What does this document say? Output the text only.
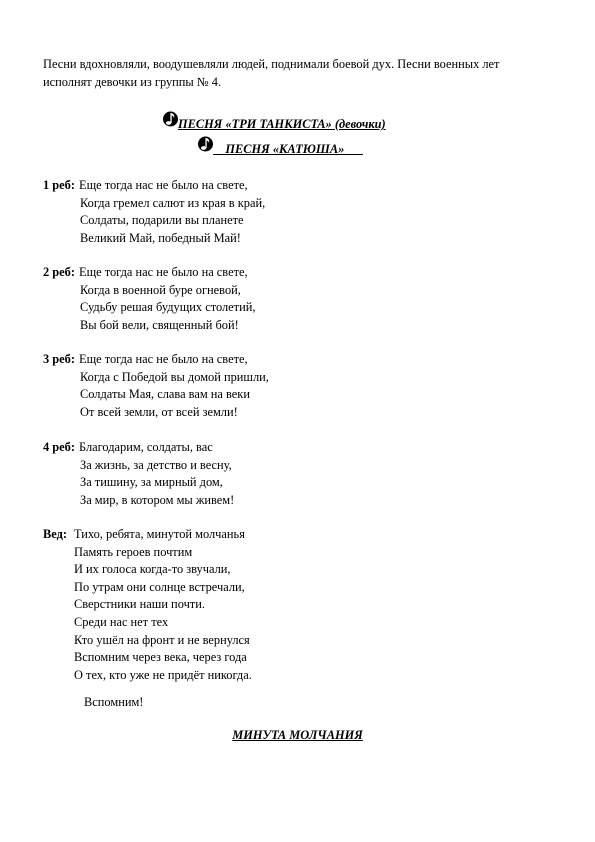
Песни вдохновляли, воодушевляли людей, поднимали боевой дух. Песни военных лет
исполнят девочки из группы № 4.
ПЕСНЯ «ТРИ ТАНКИСТА» (девочки)
ПЕСНЯ «КАТЮША»
1 реб: Еще тогда нас не было на свете,
Когда гремел салют из края в край,
Солдаты, подарили вы планете
Великий Май, победный Май!
2 реб: Еще тогда нас не было на свете,
Когда в военной буре огневой,
Судьбу решая будущих столетий,
Вы бой вели, священный бой!
3 реб: Еще тогда нас не было на свете,
Когда с Победой вы домой пришли,
Солдаты Мая, слава вам на веки
От всей земли, от всей земли!
4 реб: Благодарим, солдаты, вас
За жизнь, за детство и весну,
За тишину, за мирный дом,
За мир, в котором мы живем!
Вед: Тихо, ребята, минутой молчанья
Память героев почтим
И их голоса когда-то звучали,
По утрам они солнце встречали,
Сверстники наши почти.
Среди нас нет тех
Кто ушёл на фронт и не вернулся
Вспомним через века, через года
О тех, кто уже не придёт никогда.
Вспомним!
МИНУТА МОЛЧАНИЯ
